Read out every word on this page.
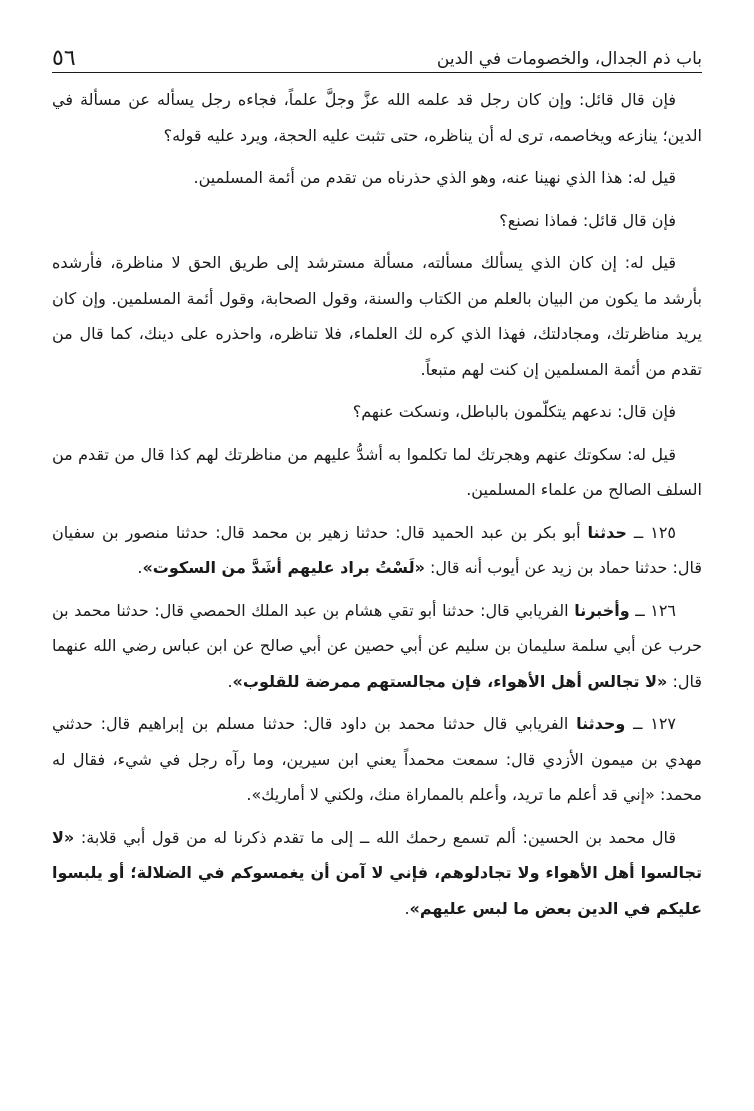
باب ذم الجدال، والخصومات في الدين
٥٦

فإن قال قائل: وإن كان رجل قد علمه الله عزَّ وجلَّ علماً، فجاءه رجل يسأله عن مسألة في الدين؛ ينازعه ويخاصمه، ترى له أن يناظره، حتى تثبت عليه الحجة، ويرد عليه قوله؟

قيل له: هذا الذي نهينا عنه، وهو الذي حذرناه من تقدم من أئمة المسلمين.

فإن قال قائل: فماذا نصنع؟

قيل له: إن كان الذي يسألك مسألته، مسألة مسترشد إلى طريق الحق لا مناظرة، فأرشده بأرشد ما يكون من البيان بالعلم من الكتاب والسنة، وقول الصحابة، وقول أئمة المسلمين. وإن كان يريد مناظرتك، ومجادلتك، فهذا الذي كره لك العلماء، فلا تناظره، واحذره على دينك، كما قال من تقدم من أئمة المسلمين إن كنت لهم متبعاً.

فإن قال: ندعهم يتكلّمون بالباطل، ونسكت عنهم؟

قيل له: سكوتك عنهم وهجرتك لما تكلموا به أشدُّ عليهم من مناظرتك لهم كذا قال من تقدم من السلف الصالح من علماء المسلمين.

١٢٥ ــ حدثنا أبو بكر بن عبد الحميد قال: حدثنا زهير بن محمد قال: حدثنا منصور بن سفيان قال: حدثنا حماد بن زيد عن أيوب أنه قال: «لَسْتُ براد عليهم أشَدَّ من السكوت».

١٢٦ ــ وأخبرنا الفريابي قال: حدثنا أبو تقي هشام بن عبد الملك الحمصي قال: حدثنا محمد بن حرب عن أبي سلمة سليمان بن سليم عن أبي حصين عن أبي صالح عن ابن عباس رضي الله عنهما قال: «لا تجالس أهل الأهواء، فإن مجالستهم ممرضة للقلوب».

١٢٧ ــ وحدثنا الفريابي قال حدثنا محمد بن داود قال: حدثنا مسلم بن إبراهيم قال: حدثني مهدي بن ميمون الأزدي قال: سمعت محمداً يعني ابن سيرين، وما رآه رجل في شيء، فقال له محمد: «إني قد أعلم ما تريد، وأعلم بالمماراة منك، ولكني لا أماريك».

قال محمد بن الحسين: ألم تسمع رحمك الله ــ إلى ما تقدم ذكرنا له من قول أبي قلابة: «لا تجالسوا أهل الأهواء ولا تجادلوهم، فإني لا آمن أن يغمسوكم في الضلالة؛ أو يلبسوا عليكم في الدين بعض ما لبس عليهم».
